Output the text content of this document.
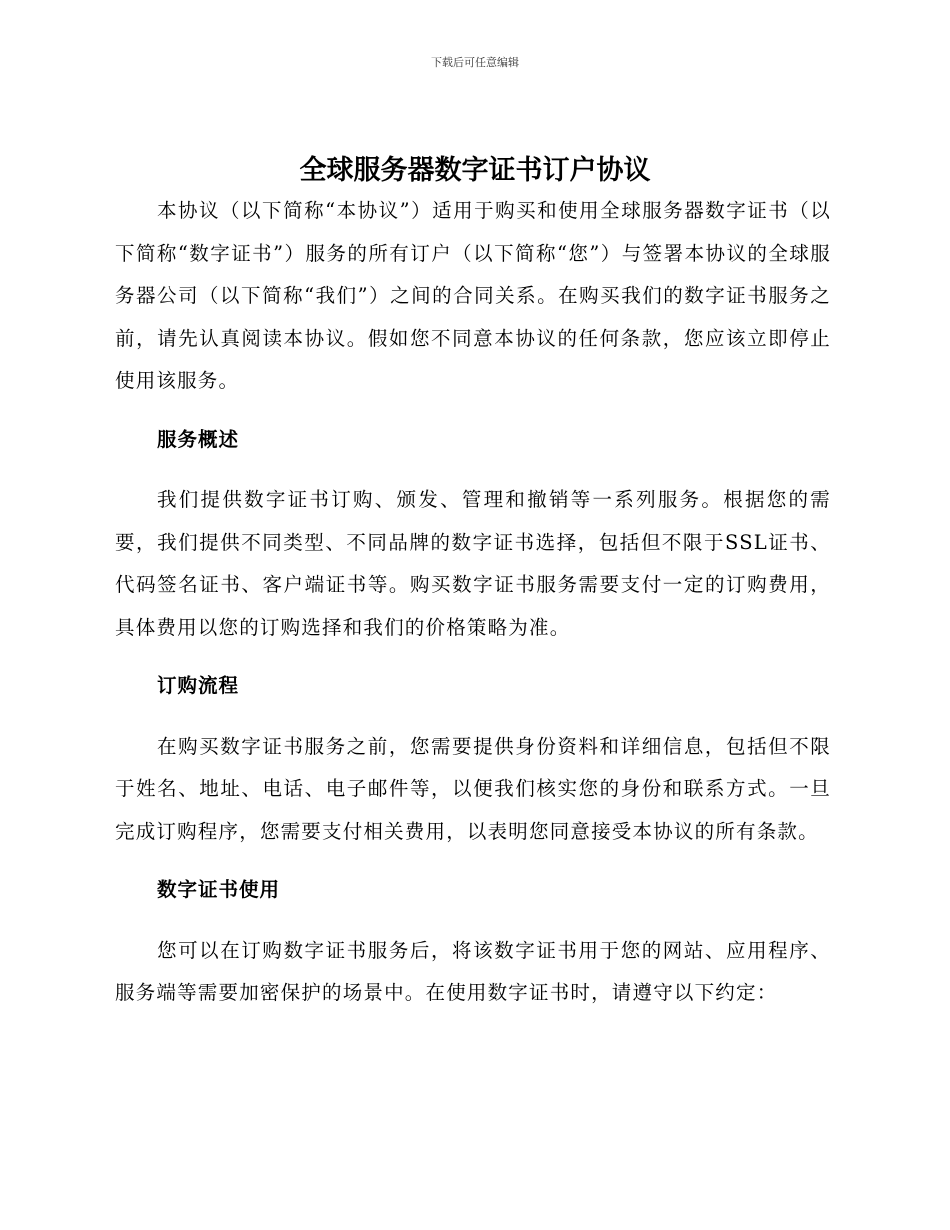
下载后可任意编辑
全球服务器数字证书订户协议

本协议（以下简称“本协议”）适用于购买和使用全球服务器数字证书（以下简称“数字证书”）服务的所有订户（以下简称“您”）与签署本协议的全球服务器公司（以下简称“我们”）之间的合同关系。在购买我们的数字证书服务之前，请先认真阅读本协议。假如您不同意本协议的任何条款，您应该立即停止使用该服务。

服务概述

我们提供数字证书订购、颁发、管理和撤销等一系列服务。根据您的需要，我们提供不同类型、不同品牌的数字证书选择，包括但不限于SSL证书、代码签名证书、客户端证书等。购买数字证书服务需要支付一定的订购费用，具体费用以您的订购选择和我们的价格策略为准。

订购流程

在购买数字证书服务之前，您需要提供身份资料和详细信息，包括但不限于姓名、地址、电话、电子邮件等，以便我们核实您的身份和联系方式。一旦完成订购程序，您需要支付相关费用，以表明您同意接受本协议的所有条款。

数字证书使用

您可以在订购数字证书服务后，将该数字证书用于您的网站、应用程序、服务端等需要加密保护的场景中。在使用数字证书时，请遵守以下约定：
